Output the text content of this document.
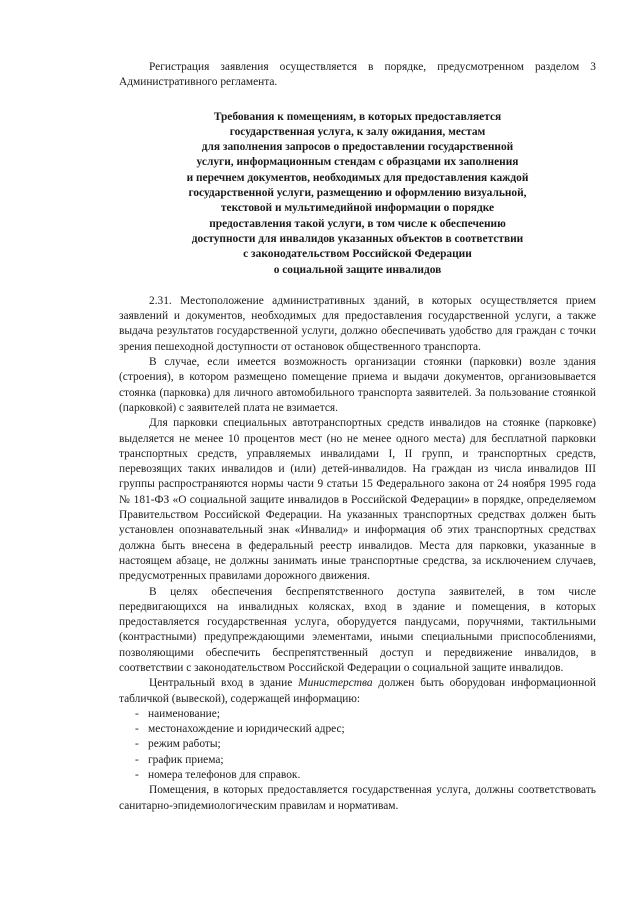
Регистрация заявления осуществляется в порядке, предусмотренном разделом 3 Административного регламента.

Требования к помещениям, в которых предоставляется
государственная услуга, к залу ожидания, местам
для заполнения запросов о предоставлении государственной
услуги, информационным стендам с образцами их заполнения
и перечнем документов, необходимых для предоставления каждой
государственной услуги, размещению и оформлению визуальной,
текстовой и мультимедийной информации о порядке
предоставления такой услуги, в том числе к обеспечению
доступности для инвалидов указанных объектов в соответствии
с законодательством Российской Федерации
о социальной защите инвалидов

2.31. Местоположение административных зданий, в которых осуществляется прием заявлений и документов, необходимых для предоставления государственной услуги, а также выдача результатов государственной услуги, должно обеспечивать удобство для граждан с точки зрения пешеходной доступности от остановок общественного транспорта.

В случае, если имеется возможность организации стоянки (парковки) возле здания (строения), в котором размещено помещение приема и выдачи документов, организовывается стоянка (парковка) для личного автомобильного транспорта заявителей. За пользование стоянкой (парковкой) с заявителей плата не взимается.

Для парковки специальных автотранспортных средств инвалидов на стоянке (парковке) выделяется не менее 10 процентов мест (но не менее одного места) для бесплатной парковки транспортных средств, управляемых инвалидами I, II групп, и транспортных средств, перевозящих таких инвалидов и (или) детей-инвалидов. На граждан из числа инвалидов III группы распространяются нормы части 9 статьи 15 Федерального закона от 24 ноября 1995 года № 181-ФЗ «О социальной защите инвалидов в Российской Федерации» в порядке, определяемом Правительством Российской Федерации. На указанных транспортных средствах должен быть установлен опознавательный знак «Инвалид» и информация об этих транспортных средствах должна быть внесена в федеральный реестр инвалидов. Места для парковки, указанные в настоящем абзаце, не должны занимать иные транспортные средства, за исключением случаев, предусмотренных правилами дорожного движения.

В целях обеспечения беспрепятственного доступа заявителей, в том числе передвигающихся на инвалидных колясках, вход в здание и помещения, в которых предоставляется государственная услуга, оборудуется пандусами, поручнями, тактильными (контрастными) предупреждающими элементами, иными специальными приспособлениями, позволяющими обеспечить беспрепятственный доступ и передвижение инвалидов, в соответствии с законодательством Российской Федерации о социальной защите инвалидов.

Центральный вход в здание Министерства должен быть оборудован информационной табличкой (вывеской), содержащей информацию:

- наименование;
- местонахождение и юридический адрес;
- режим работы;
- график приема;
- номера телефонов для справок.

Помещения, в которых предоставляется государственная услуга, должны соответствовать санитарно-эпидемиологическим правилам и нормативам.
